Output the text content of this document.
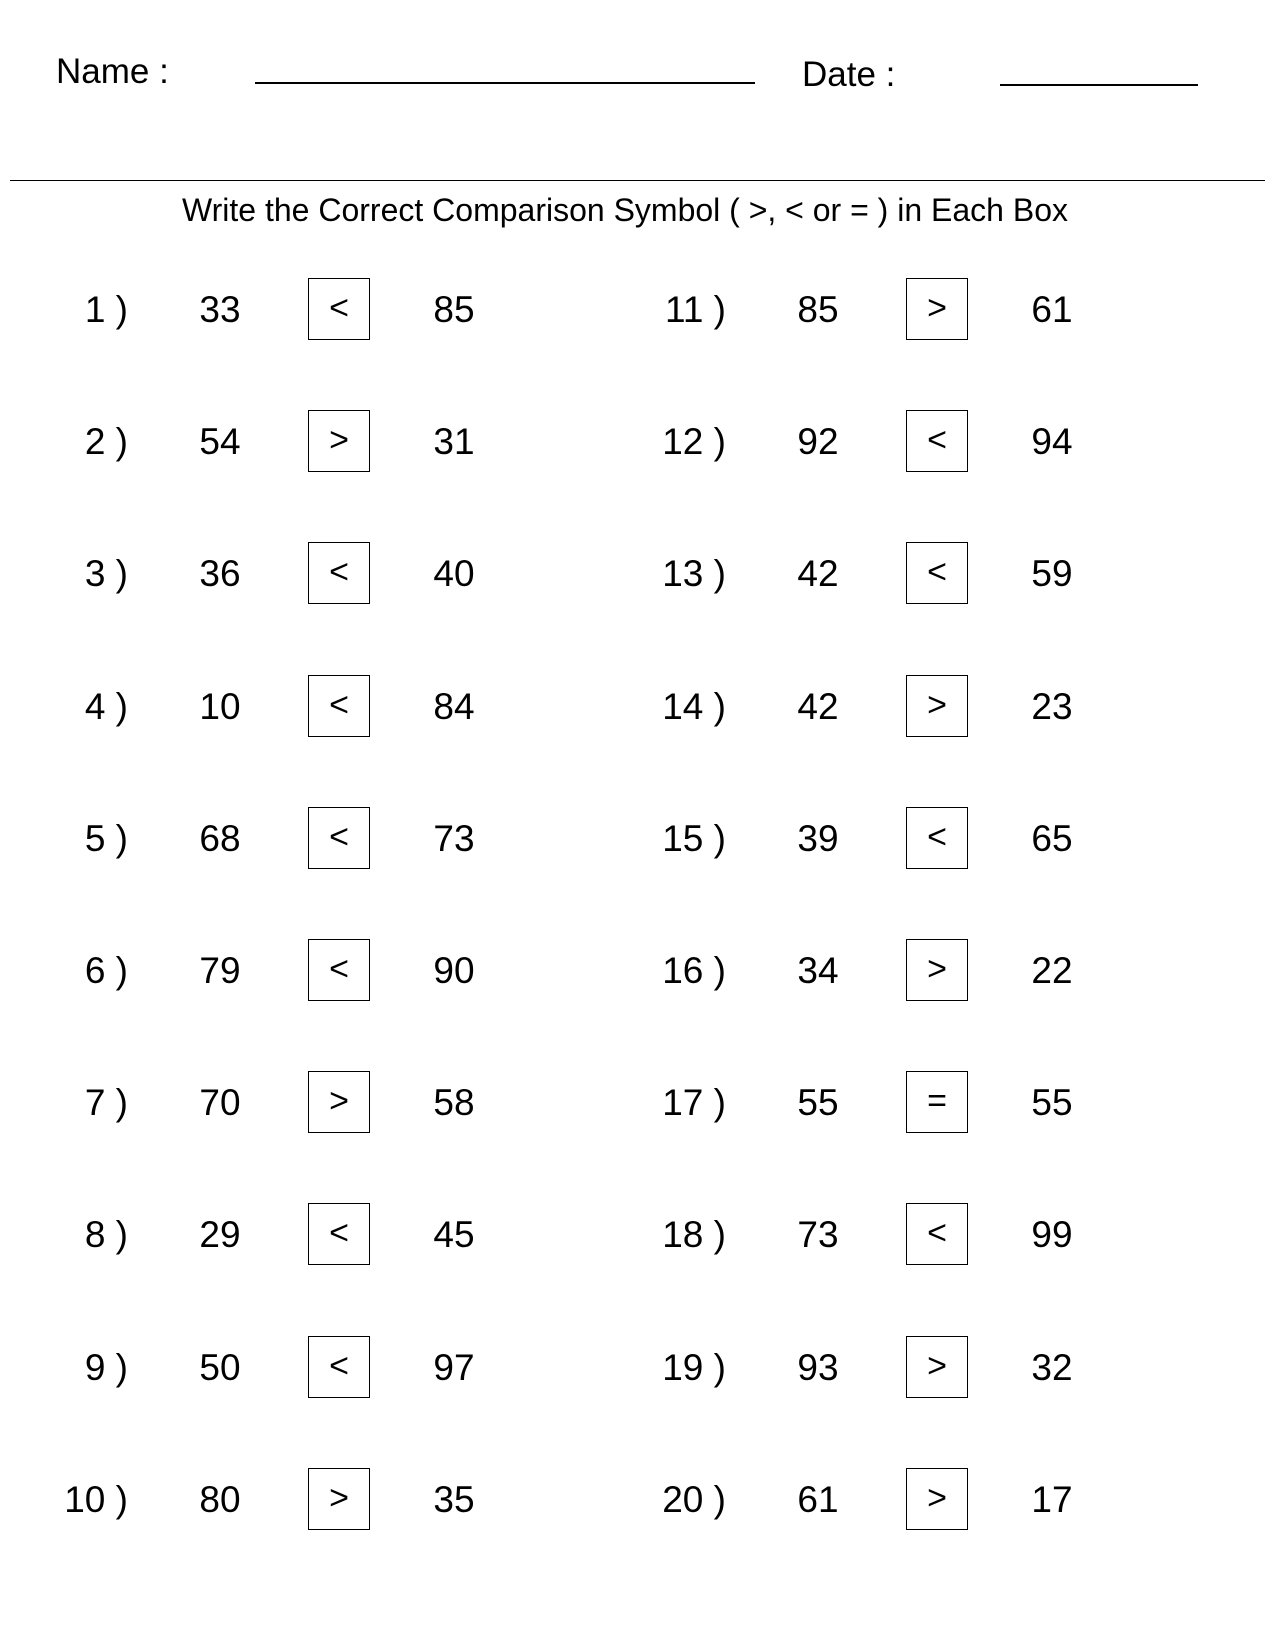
Name :	Date :
Write the Correct Comparison Symbol ( >, < or = ) in Each Box
1 )	33	<	85
2 )	54	>	31
3 )	36	<	40
4 )	10	<	84
5 )	68	<	73
6 )	79	<	90
7 )	70	>	58
8 )	29	<	45
9 )	50	<	97
10 )	80	>	35
11 )	85	>	61
12 )	92	<	94
13 )	42	<	59
14 )	42	>	23
15 )	39	<	65
16 )	34	>	22
17 )	55	=	55
18 )	73	<	99
19 )	93	>	32
20 )	61	>	17
